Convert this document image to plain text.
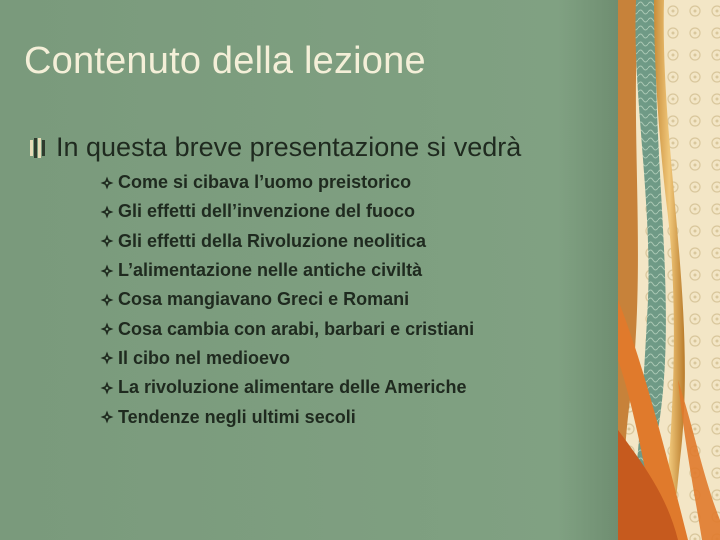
Contenuto della lezione
In questa breve presentazione si vedrà
Come si cibava l’uomo preistorico
Gli effetti dell’invenzione del fuoco
Gli effetti della Rivoluzione neolitica
L’alimentazione nelle antiche civiltà
Cosa mangiavano Greci e Romani
Cosa cambia con arabi, barbari e cristiani
Il cibo nel medioevo
La rivoluzione alimentare delle Americhe
Tendenze negli ultimi secoli
